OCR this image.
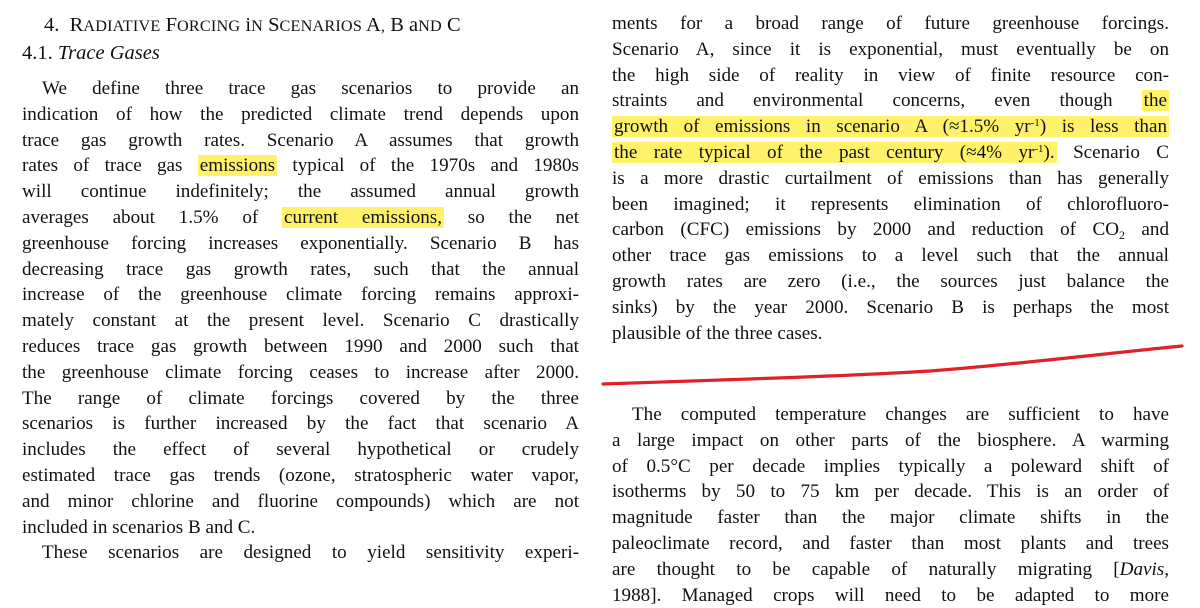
4. RADIATIVE FORCING iN SCENARIOS A, B aND C
4.1. Trace Gases

We define three trace gas scenarios to provide an
indication of how the predicted climate trend depends upon
trace gas growth rates. Scenario A assumes that growth
rates of trace gas emissions typical of the 1970s and 1980s
will continue indefinitely; the assumed annual growth
averages about 1.5% of current emissions, so the net
greenhouse forcing increases exponentially. Scenario B has
decreasing trace gas growth rates, such that the annual
increase of the greenhouse climate forcing remains approxi-
mately constant at the present level. Scenario C drastically
reduces trace gas growth between 1990 and 2000 such that
the greenhouse climate forcing ceases to increase after 2000.
The range of climate forcings covered by the three
scenarios is further increased by the fact that scenario A
includes the effect of several hypothetical or crudely
estimated trace gas trends (ozone, stratospheric water vapor,
and minor chlorine and fluorine compounds) which are not
included in scenarios B and C.
These scenarios are designed to yield sensitivity experi-

ments for a broad range of future greenhouse forcings.
Scenario A, since it is exponential, must eventually be on
the high side of reality in view of finite resource con-
straints and environmental concerns, even though the
growth of emissions in scenario A (≈1.5% $yr^{-1}$) is less than
the rate typical of the past century (≈4% $yr^{-1}$). Scenario C
is a more drastic curtailment of emissions than has generally
been imagined; it represents elimination of chlorofluoro-
carbon (CFC) emissions by 2000 and reduction of $CO_2$ and
other trace gas emissions to a level such that the annual
growth rates are zero (i.e., the sources just balance the
sinks) by the year 2000. Scenario B is perhaps the most
plausible of the three cases.

The computed temperature changes are sufficient to have
a large impact on other parts of the biosphere. A warming
of 0.5°C per decade implies typically a poleward shift of
isotherms by 50 to 75 km per decade. This is an order of
magnitude faster than the major climate shifts in the
paleoclimate record, and faster than most plants and trees
are thought to be capable of naturally migrating [Davis,
1988]. Managed crops will need to be adapted to more
